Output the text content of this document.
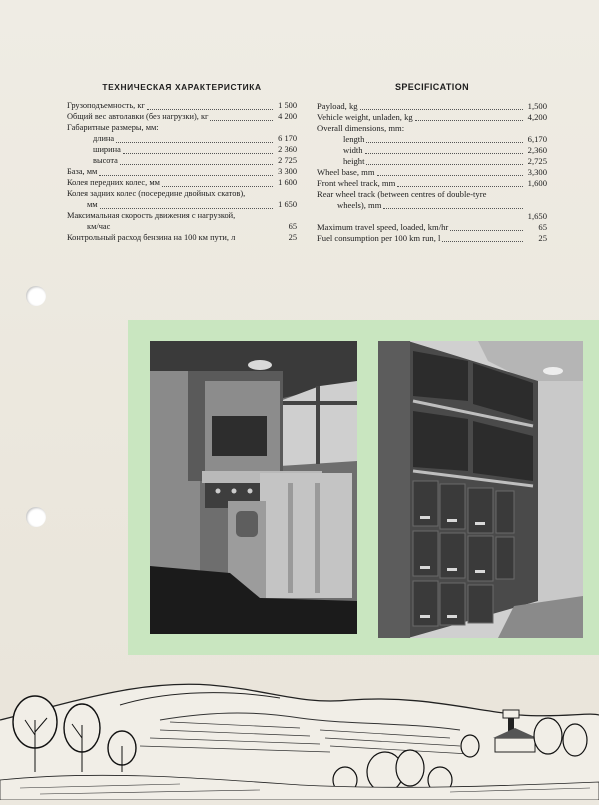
ТЕХНИЧЕСКАЯ ХАРАКТЕРИСТИКА
Грузоподъемность, кг	1 500
Общий вес автолавки (без нагрузки), кг	4 200
Габаритные размеры, мм:
длина	6 170
ширина	2 360
высота	2 725
База, мм	3 300
Колея передних колес, мм	1 600
Колея задних колес (посередине двойных скатов),
мм	1 650
Максимальная скорость движения с нагрузкой,
км/час	65
Контрольный расход бензина на 100 км пути, л	25
SPECIFICATION
Payload, kg	1,500
Vehicle weight, unladen, kg	4,200
Overall dimensions, mm:
length	6,170
width	2,360
height	2,725
Wheel base, mm	3,300
Front wheel track, mm	1,600
Rear wheel track (between centres of double-tyre
wheels), mm
1,650
Maximum travel speed, loaded, km/hr	65
Fuel consumption per 100 km run, l	25
